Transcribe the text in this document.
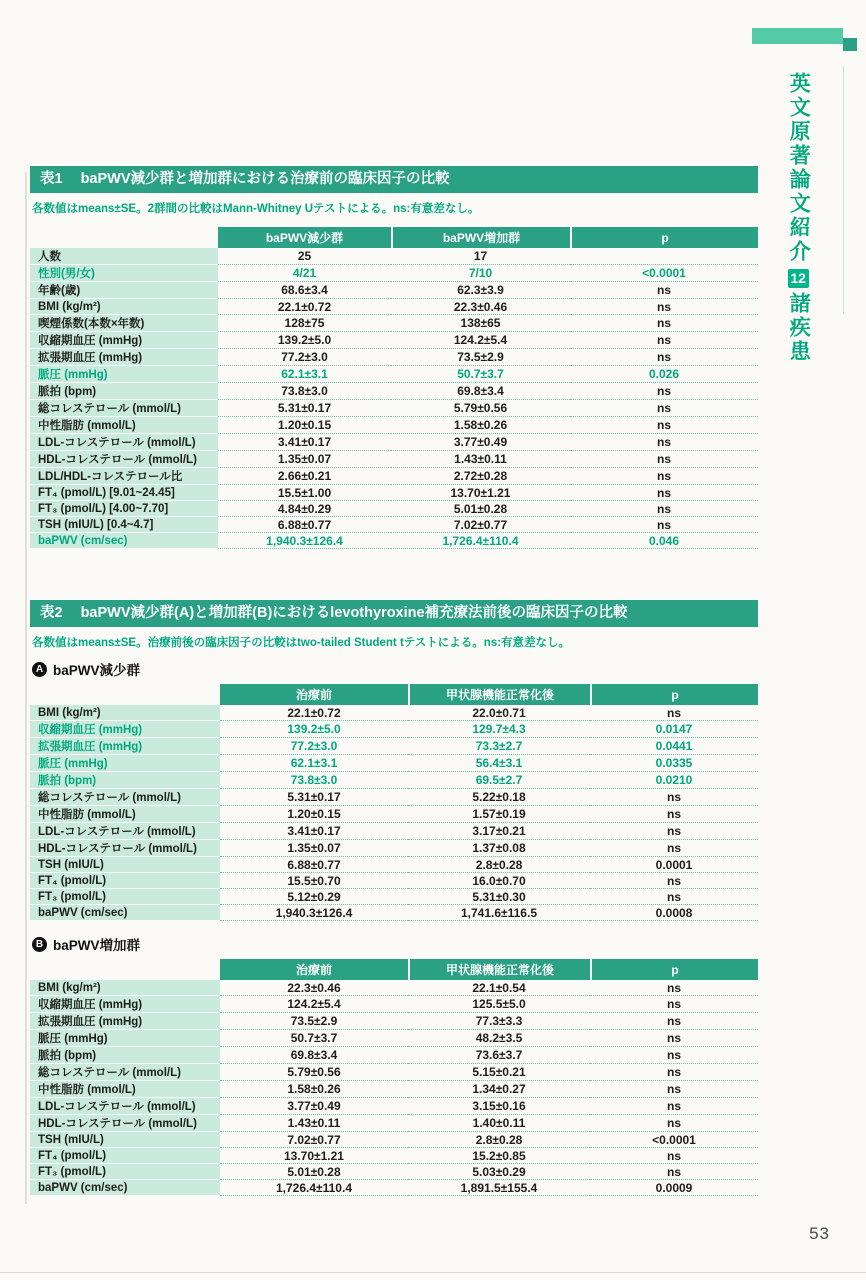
英文原著論文紹介12諸疾患
表1 baPWV減少群と増加群における治療前の臨床因子の比較
各数値はmeans±SE。2群間の比較はMann-Whitney Uテストによる。ns:有意差なし。
	baPWV減少群	baPWV増加群	p
人数	25	17	
性別(男/女)	4/21	7/10	<0.0001
年齢(歳)	68.6±3.4	62.3±3.9	ns
BMI (kg/m²)	22.1±0.72	22.3±0.46	ns
喫煙係数(本数×年数)	128±75	138±65	ns
収縮期血圧 (mmHg)	139.2±5.0	124.2±5.4	ns
拡張期血圧 (mmHg)	77.2±3.0	73.5±2.9	ns
脈圧 (mmHg)	62.1±3.1	50.7±3.7	0.026
脈拍 (bpm)	73.8±3.0	69.8±3.4	ns
総コレステロール (mmol/L)	5.31±0.17	5.79±0.56	ns
中性脂肪 (mmol/L)	1.20±0.15	1.58±0.26	ns
LDL-コレステロール (mmol/L)	3.41±0.17	3.77±0.49	ns
HDL-コレステロール (mmol/L)	1.35±0.07	1.43±0.11	ns
LDL/HDL-コレステロール比	2.66±0.21	2.72±0.28	ns
FT₄ (pmol/L) [9.01~24.45]	15.5±1.00	13.70±1.21	ns
FT₃ (pmol/L) [4.00~7.70]	4.84±0.29	5.01±0.28	ns
TSH (mIU/L) [0.4~4.7]	6.88±0.77	7.02±0.77	ns
baPWV (cm/sec)	1,940.3±126.4	1,726.4±110.4	0.046
表2 baPWV減少群(A)と増加群(B)におけるlevothyroxine補充療法前後の臨床因子の比較
各数値はmeans±SE。治療前後の臨床因子の比較はtwo-tailed Student tテストによる。ns:有意差なし。
A baPWV減少群
	治療前	甲状腺機能正常化後	p
BMI (kg/m²)	22.1±0.72	22.0±0.71	ns
収縮期血圧 (mmHg)	139.2±5.0	129.7±4.3	0.0147
拡張期血圧 (mmHg)	77.2±3.0	73.3±2.7	0.0441
脈圧 (mmHg)	62.1±3.1	56.4±3.1	0.0335
脈拍 (bpm)	73.8±3.0	69.5±2.7	0.0210
総コレステロール (mmol/L)	5.31±0.17	5.22±0.18	ns
中性脂肪 (mmol/L)	1.20±0.15	1.57±0.19	ns
LDL-コレステロール (mmol/L)	3.41±0.17	3.17±0.21	ns
HDL-コレステロール (mmol/L)	1.35±0.07	1.37±0.08	ns
TSH (mIU/L)	6.88±0.77	2.8±0.28	0.0001
FT₄ (pmol/L)	15.5±0.70	16.0±0.70	ns
FT₃ (pmol/L)	5.12±0.29	5.31±0.30	ns
baPWV (cm/sec)	1,940.3±126.4	1,741.6±116.5	0.0008
B baPWV増加群
	治療前	甲状腺機能正常化後	p
BMI (kg/m²)	22.3±0.46	22.1±0.54	ns
収縮期血圧 (mmHg)	124.2±5.4	125.5±5.0	ns
拡張期血圧 (mmHg)	73.5±2.9	77.3±3.3	ns
脈圧 (mmHg)	50.7±3.7	48.2±3.5	ns
脈拍 (bpm)	69.8±3.4	73.6±3.7	ns
総コレステロール (mmol/L)	5.79±0.56	5.15±0.21	ns
中性脂肪 (mmol/L)	1.58±0.26	1.34±0.27	ns
LDL-コレステロール (mmol/L)	3.77±0.49	3.15±0.16	ns
HDL-コレステロール (mmol/L)	1.43±0.11	1.40±0.11	ns
TSH (mIU/L)	7.02±0.77	2.8±0.28	<0.0001
FT₄ (pmol/L)	13.70±1.21	15.2±0.85	ns
FT₃ (pmol/L)	5.01±0.28	5.03±0.29	ns
baPWV (cm/sec)	1,726.4±110.4	1,891.5±155.4	0.0009
53
